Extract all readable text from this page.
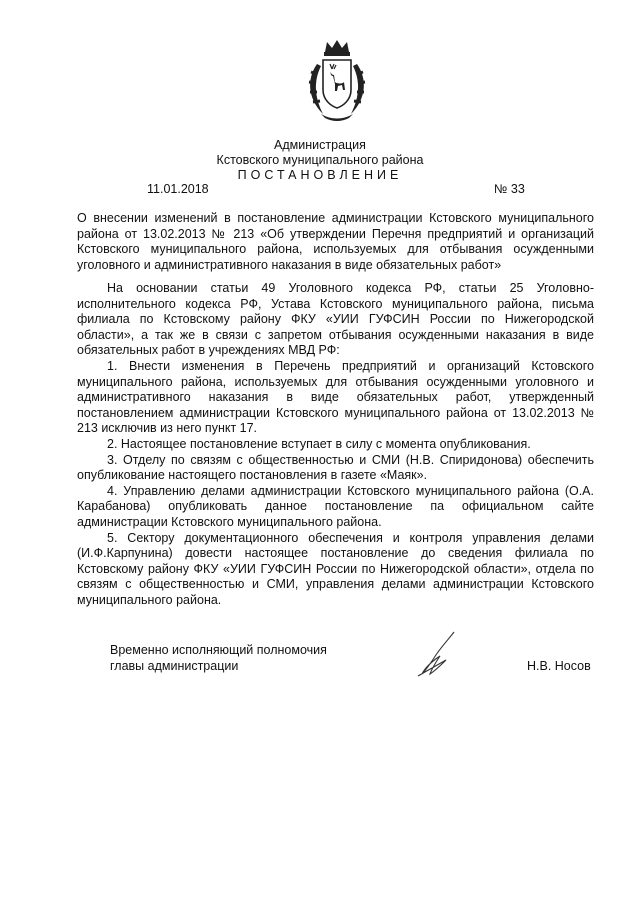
Администрация
Кстовского муниципального района
ПОСТАНОВЛЕНИЕ
11.01.2018	№ 33

О внесении изменений в постановление администрации Кстовского муниципального района от 13.02.2013 № 213 «Об утверждении Перечня предприятий и организаций Кстовского муниципального района, используемых для отбывания осужденными уголовного и административного наказания в виде обязательных работ»

На основании статьи 49 Уголовного кодекса РФ, статьи 25 Уголовно-исполнительного кодекса РФ, Устава Кстовского муниципального района, письма филиала по Кстовскому району ФКУ «УИИ ГУФСИН России по Нижегородской области», а так же в связи с запретом отбывания осужденными наказания в виде обязательных работ в учреждениях МВД РФ:

1. Внести изменения в Перечень предприятий и организаций Кстовского муниципального района, используемых для отбывания осужденными уголовного и административного наказания в виде обязательных работ, утвержденный постановлением администрации Кстовского муниципального района от 13.02.2013 № 213 исключив из него пункт 17.

2. Настоящее постановление вступает в силу с момента опубликования.

3. Отделу по связям с общественностью и СМИ (Н.В. Спиридонова) обеспечить опубликование настоящего постановления в газете «Маяк».

4. Управлению делами администрации Кстовского муниципального района (О.А. Карабанова) опубликовать данное постановление па официальном сайте администрации Кстовского муниципального района.

5. Сектору документационного обеспечения и контроля управления делами (И.Ф.Карпунина) довести настоящее постановление до сведения филиала по Кстовскому району ФКУ «УИИ ГУФСИН России по Нижегородской области», отдела по связям с общественностью и СМИ, управления делами администрации Кстовского муниципального района.

Временно исполняющий полномочия
главы администрации	Н.В. Носов
